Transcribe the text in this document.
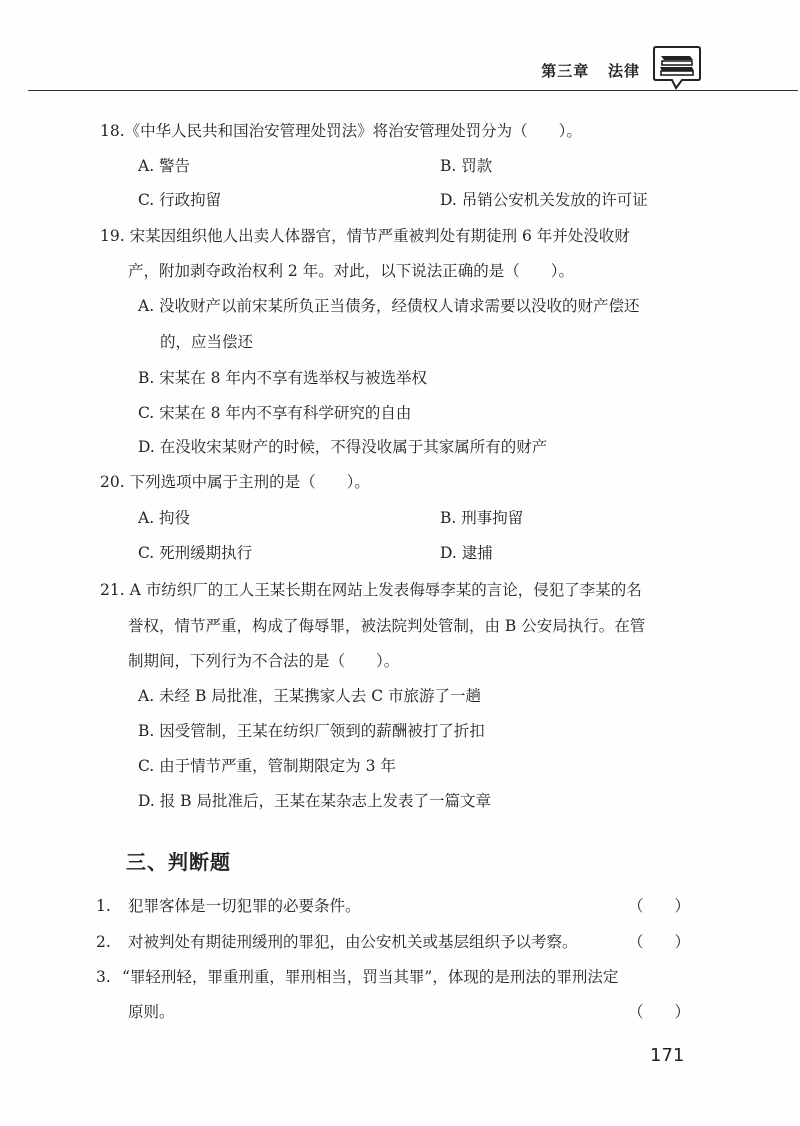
第三章 法律
18.《中华人民共和国治安管理处罚法》将治安管理处罚分为（　　）。
A. 警告	B. 罚款
C. 行政拘留	D. 吊销公安机关发放的许可证
19. 宋某因组织他人出卖人体器官，情节严重被判处有期徒刑 6 年并处没收财
产，附加剥夺政治权利 2 年。对此，以下说法正确的是（　　）。
A. 没收财产以前宋某所负正当债务，经债权人请求需要以没收的财产偿还
的，应当偿还
B. 宋某在 8 年内不享有选举权与被选举权
C. 宋某在 8 年内不享有科学研究的自由
D. 在没收宋某财产的时候，不得没收属于其家属所有的财产
20. 下列选项中属于主刑的是（　　）。
A. 拘役	B. 刑事拘留
C. 死刑缓期执行	D. 逮捕
21. A 市纺织厂的工人王某长期在网站上发表侮辱李某的言论，侵犯了李某的名
誉权，情节严重，构成了侮辱罪，被法院判处管制，由 B 公安局执行。在管
制期间，下列行为不合法的是（　　）。
A. 未经 B 局批准，王某携家人去 C 市旅游了一趟
B. 因受管制，王某在纺织厂领到的薪酬被打了折扣
C. 由于情节严重，管制期限定为 3 年
D. 报 B 局批准后，王某在某杂志上发表了一篇文章
三、判断题
1. 犯罪客体是一切犯罪的必要条件。	（　　）
2. 对被判处有期徒刑缓刑的罪犯，由公安机关或基层组织予以考察。	（　　）
3. “罪轻刑轻，罪重刑重，罪刑相当，罚当其罪”，体现的是刑法的罪刑法定
原则。	（　　）
171
